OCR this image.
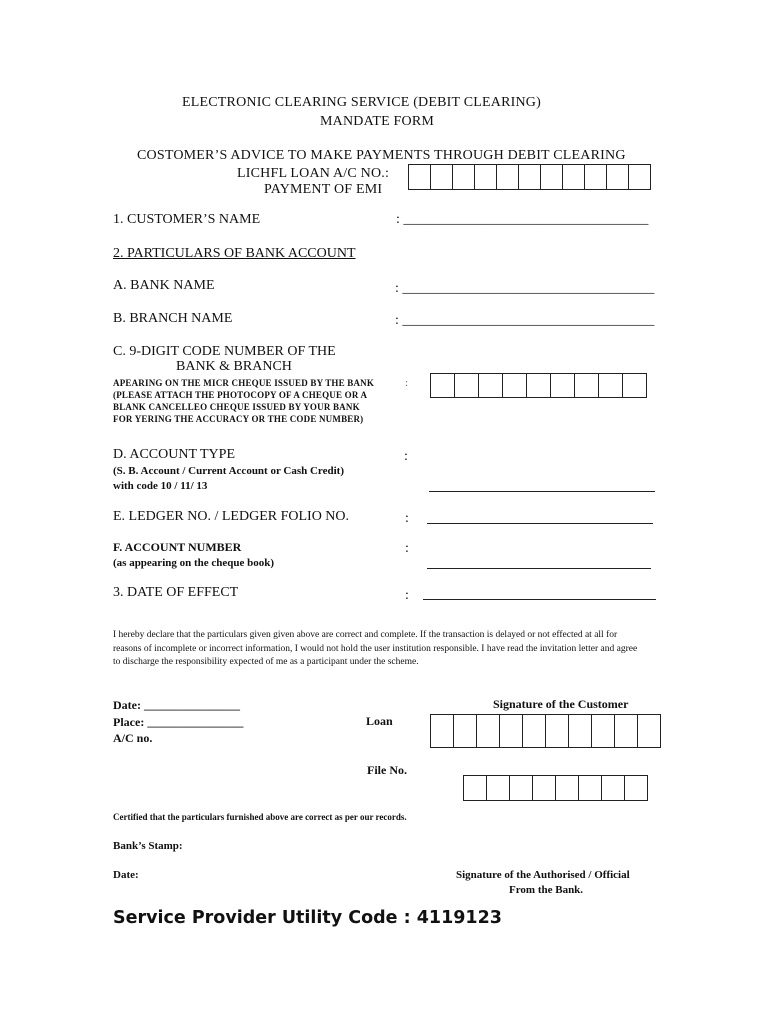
ELECTRONIC CLEARING SERVICE (DEBIT CLEARING)
MANDATE FORM
COSTOMER’S ADVICE TO MAKE PAYMENTS THROUGH DEBIT CLEARING
LICHFL LOAN A/C NO.:
PAYMENT OF EMI
1. CUSTOMER’S NAME	: ___________________________________
2. PARTICULARS OF BANK ACCOUNT
A. BANK NAME	: ____________________________________
B. BRANCH NAME	: ____________________________________
C. 9-DIGIT CODE NUMBER OF THE
BANK & BRANCH
APEARING ON THE MICR CHEQUE ISSUED BY THE BANK
(PLEASE ATTACH THE PHOTOCOPY OF A CHEQUE OR A
BLANK CANCELLEO CHEQUE ISSUED BY YOUR BANK
FOR YERING THE ACCURACY OR THE CODE NUMBER)
:
D. ACCOUNT TYPE
(S. B. Account / Current Account or Cash Credit)
with code 10 / 11/ 13
:
E. LEDGER NO. / LEDGER FOLIO NO.	:
F. ACCOUNT NUMBER
(as appearing on the cheque book)
:
3. DATE OF EFFECT	:
I hereby declare that the particulars given given above are correct and complete. If the transaction is delayed or not effected at all for reasons of incomplete or incorrect information, I would not hold the user institution responsible. I have read the invitation letter and agree to discharge the responsibility expected of me as a participant under the scheme.
Date: ________________
Place: ________________
A/C no.
Signature of the Customer
Loan
File No.
Certified that the particulars furnished above are correct as per our records.
Bank’s Stamp:
Date:	Signature of the Authorised / Official
From the Bank.
Service Provider Utility Code : 4119123
